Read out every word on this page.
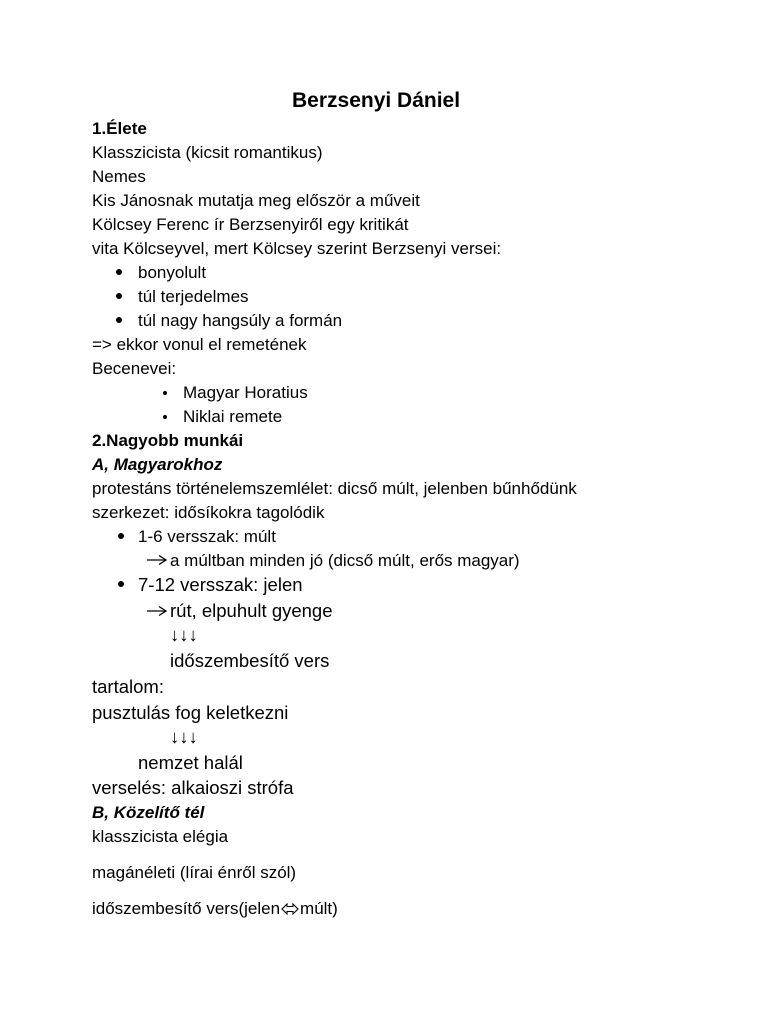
Berzsenyi Dániel
1.Élete
Klasszicista (kicsit romantikus)
Nemes
Kis Jánosnak mutatja meg először a műveit
Kölcsey Ferenc ír Berzsenyiről egy kritikát
vita Kölcseyvel, mert Kölcsey szerint Berzsenyi versei:
bonyolult
túl terjedelmes
túl nagy hangsúly a formán
=> ekkor vonul el remetének
Becenevei:
Magyar Horatius
Niklai remete
2.Nagyobb munkái
A, Magyarokhoz
protestáns történelemszemlélet: dicső múlt, jelenben bűnhődünk
szerkezet: idősíkokra tagolódik
1-6 versszak: múlt
a múltban minden jó (dicső múlt, erős magyar)
7-12 versszak: jelen
rút, elpuhult gyenge
↓↓↓
időszembesítő vers
tartalom:
pusztulás fog keletkezni
↓↓↓
nemzet halál
verselés: alkaioszi strófa
B, Közelítő tél
klasszicista elégia
magánéleti (lírai énről szól)
időszembesítő vers(jelen múlt)
